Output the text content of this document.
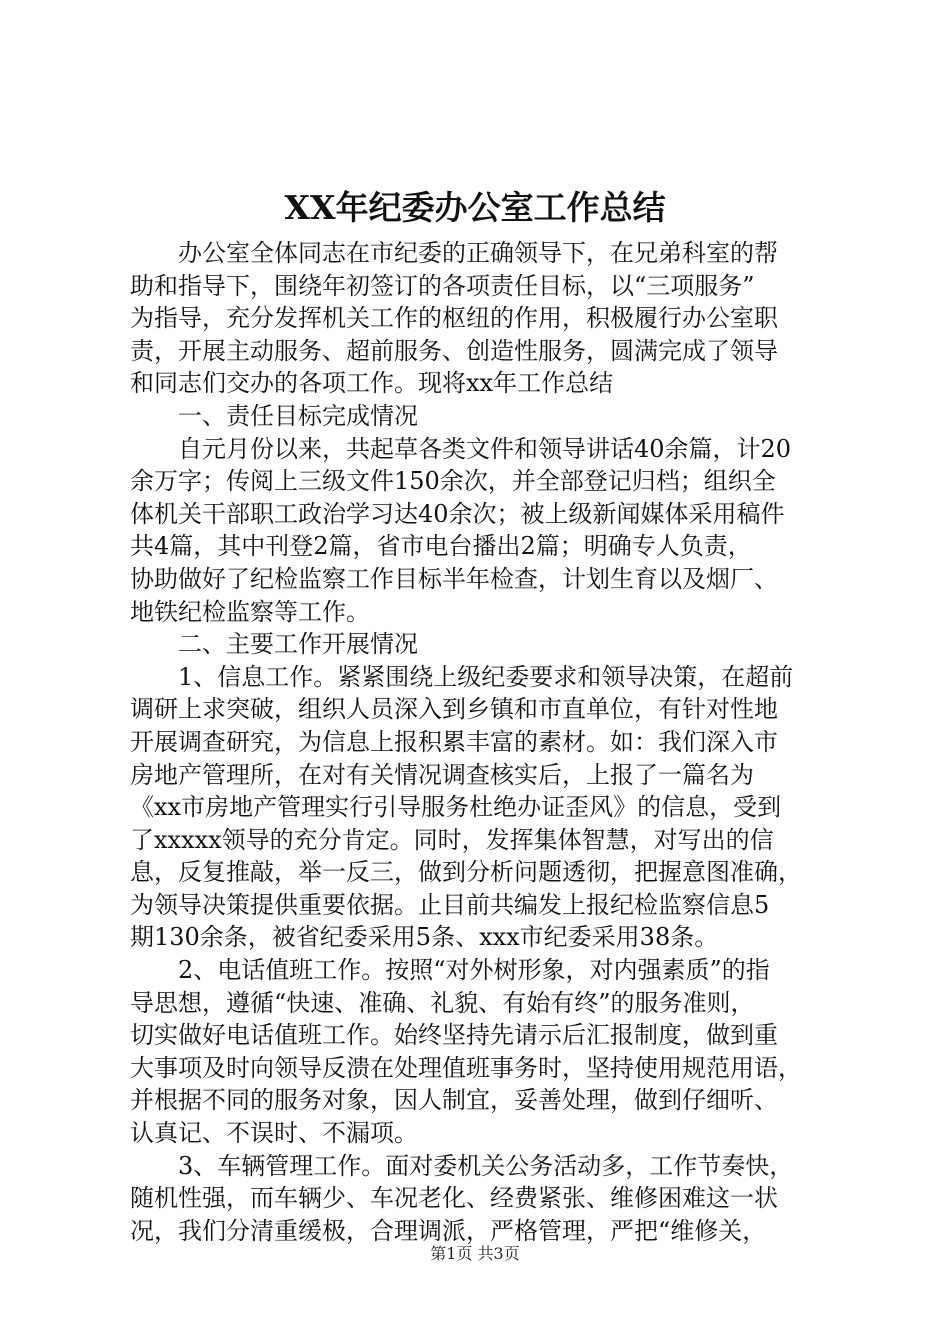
XX年纪委办公室工作总结
办公室全体同志在市纪委的正确领导下，在兄弟科室的帮
助和指导下，围绕年初签订的各项责任目标，以“三项服务”
为指导，充分发挥机关工作的枢纽的作用，积极履行办公室职
责，开展主动服务、超前服务、创造性服务，圆满完成了领导
和同志们交办的各项工作。现将xx年工作总结
一、责任目标完成情况
自元月份以来，共起草各类文件和领导讲话40余篇，计20
余万字；传阅上三级文件150余次，并全部登记归档；组织全
体机关干部职工政治学习达40余次；被上级新闻媒体采用稿件
共4篇，其中刊登2篇，省市电台播出2篇；明确专人负责，
协助做好了纪检监察工作目标半年检查，计划生育以及烟厂、
地铁纪检监察等工作。
二、主要工作开展情况
1、信息工作。紧紧围绕上级纪委要求和领导决策，在超前
调研上求突破，组织人员深入到乡镇和市直单位，有针对性地
开展调查研究，为信息上报积累丰富的素材。如：我们深入市
房地产管理所，在对有关情况调查核实后，上报了一篇名为
《xx市房地产管理实行引导服务杜绝办证歪风》的信息，受到
了xxxxx领导的充分肯定。同时，发挥集体智慧，对写出的信
息，反复推敲，举一反三，做到分析问题透彻，把握意图准确，
为领导决策提供重要依据。止目前共编发上报纪检监察信息5
期130余条，被省纪委采用5条、xxx市纪委采用38条。
2、电话值班工作。按照“对外树形象，对内强素质”的指
导思想，遵循“快速、准确、礼貌、有始有终”的服务准则，
切实做好电话值班工作。始终坚持先请示后汇报制度，做到重
大事项及时向领导反溃在处理值班事务时，坚持使用规范用语，
并根据不同的服务对象，因人制宜，妥善处理，做到仔细听、
认真记、不误时、不漏项。
3、车辆管理工作。面对委机关公务活动多，工作节奏快，
随机性强，而车辆少、车况老化、经费紧张、维修困难这一状
况，我们分清重缓极，合理调派，严格管理，严把“维修关，
第1页 共3页
